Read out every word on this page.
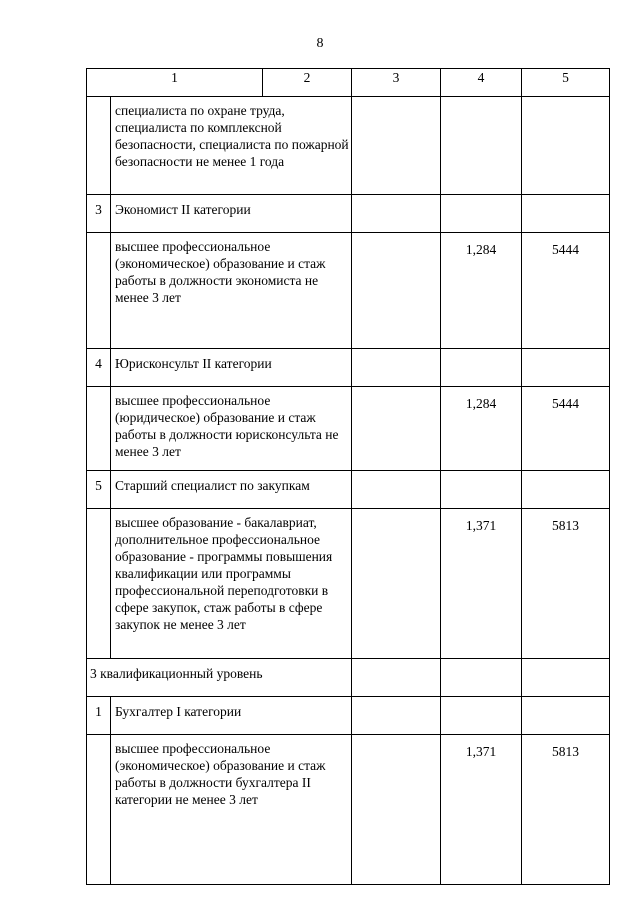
8
1		2	3	4	5
	специалиста по охране труда, специалиста по комплексной безопасности, специалиста по пожарной безопасности не менее 1 года				
3	Экономист II категории				
	высшее профессиональное (экономическое) образование и стаж работы в должности экономиста не менее 3 лет			1,284	5444
4	Юрисконсульт II категории				
	высшее профессиональное (юридическое) образование и стаж работы в должности юрисконсульта не менее 3 лет			1,284	5444
5	Старший специалист по закупкам				
	высшее образование - бакалавриат, дополнительное профессиональное образование - программы повышения квалификации или программы профессиональной переподготовки в сфере закупок, стаж работы в сфере закупок не менее 3 лет			1,371	5813
3 квалификационный уровень					
1	Бухгалтер I категории				
	высшее профессиональное (экономическое) образование и стаж работы в должности бухгалтера II категории не менее 3 лет			1,371	5813
